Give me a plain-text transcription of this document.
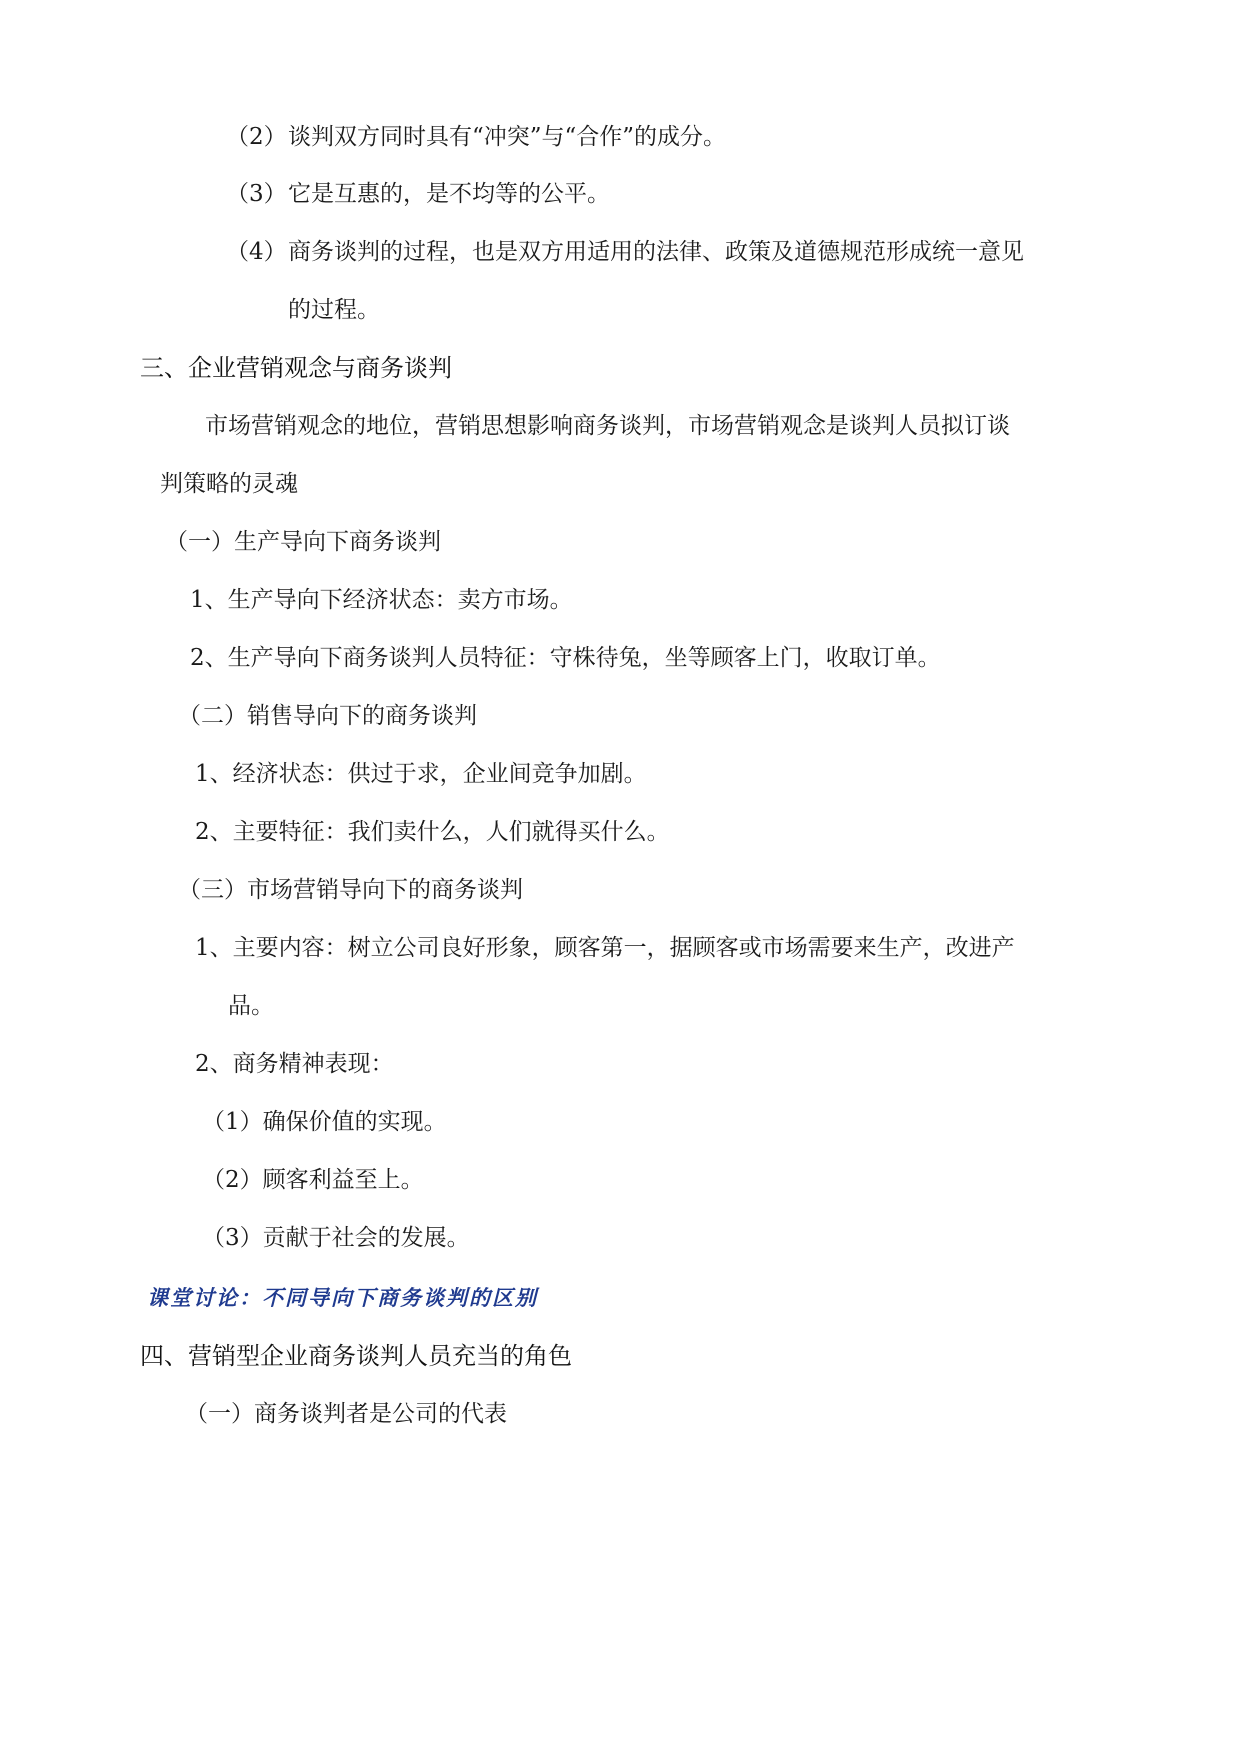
（2）谈判双方同时具有“冲突”与“合作”的成分。
（3）它是互惠的，是不均等的公平。
（4）商务谈判的过程，也是双方用适用的法律、政策及道德规范形成统一意见
的过程。
三、企业营销观念与商务谈判
市场营销观念的地位，营销思想影响商务谈判，市场营销观念是谈判人员拟订谈
判策略的灵魂
（一）生产导向下商务谈判
1、生产导向下经济状态：卖方市场。
2、生产导向下商务谈判人员特征：守株待兔，坐等顾客上门，收取订单。
（二）销售导向下的商务谈判
1、经济状态：供过于求，企业间竞争加剧。
2、主要特征：我们卖什么，人们就得买什么。
（三）市场营销导向下的商务谈判
1、主要内容：树立公司良好形象，顾客第一，据顾客或市场需要来生产，改进产
品。
2、商务精神表现：
（1）确保价值的实现。
（2）顾客利益至上。
（3）贡献于社会的发展。
课堂讨论：不同导向下商务谈判的区别
四、营销型企业商务谈判人员充当的角色
（一）商务谈判者是公司的代表
